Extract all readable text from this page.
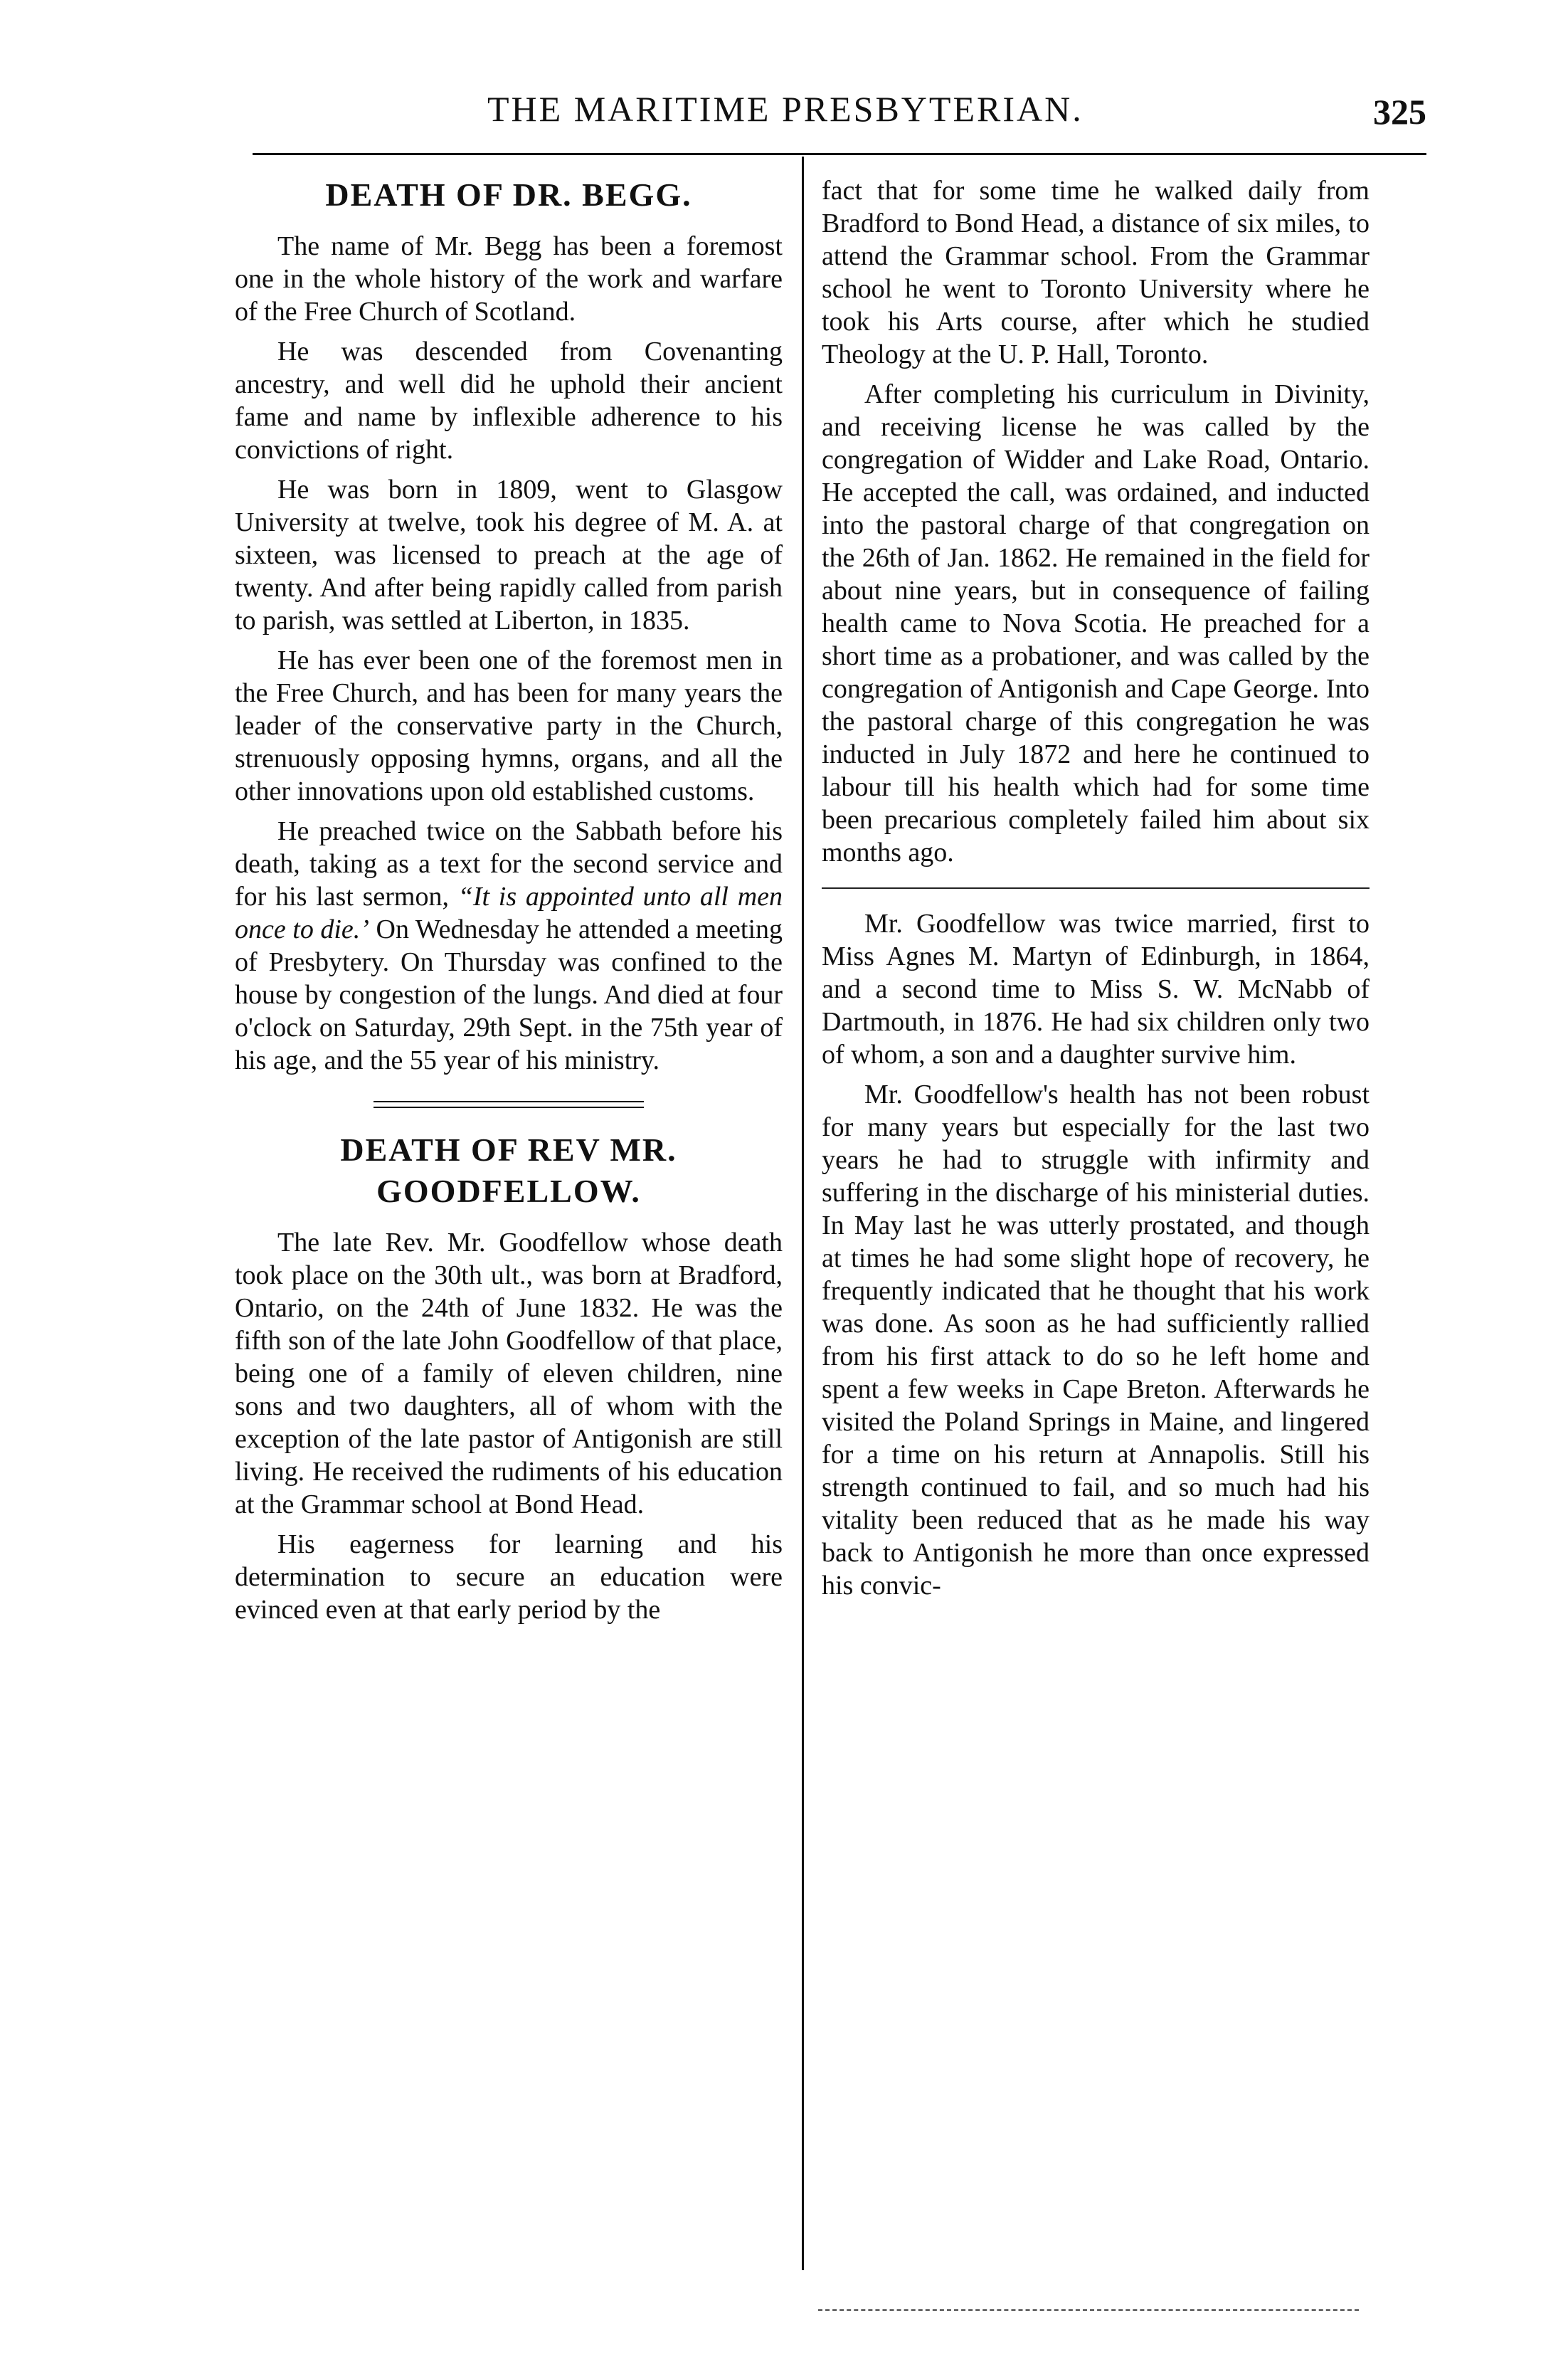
THE MARITIME PRESBYTERIAN.	325
DEATH OF DR. BEGG.

The name of Mr. Begg has been a foremost one in the whole history of the work and warfare of the Free Church of Scotland.

He was descended from Covenanting ancestry, and well did he uphold their ancient fame and name by inflexible adherence to his convictions of right.

He was born in 1809, went to Glasgow University at twelve, took his degree of M. A. at sixteen, was licensed to preach at the age of twenty. And after being rapidly called from parish to parish, was settled at Liberton, in 1835.

He has ever been one of the foremost men in the Free Church, and has been for many years the leader of the conservative party in the Church, strenuously opposing hymns, organs, and all the other innovations upon old established customs.

He preached twice on the Sabbath before his death, taking as a text for the second service and for his last sermon, “It is appointed unto all men once to die.’ On Wednesday he attended a meeting of Presbytery. On Thursday was confined to the house by congestion of the lungs. And died at four o'clock on Saturday, 29th Sept. in the 75th year of his age, and the 55 year of his ministry.

DEATH OF REV MR. GOODFELLOW.

The late Rev. Mr. Goodfellow whose death took place on the 30th ult., was born at Bradford, Ontario, on the 24th of June 1832. He was the fifth son of the late John Goodfellow of that place, being one of a family of eleven children, nine sons and two daughters, all of whom with the exception of the late pastor of Antigonish are still living. He received the rudiments of his education at the Grammar school at Bond Head.

His eagerness for learning and his determination to secure an education were evinced even at that early period by the

fact that for some time he walked daily from Bradford to Bond Head, a distance of six miles, to attend the Grammar school. From the Grammar school he went to Toronto University where he took his Arts course, after which he studied Theology at the U. P. Hall, Toronto.

After completing his curriculum in Divinity, and receiving license he was called by the congregation of Widder and Lake Road, Ontario. He accepted the call, was ordained, and inducted into the pastoral charge of that congregation on the 26th of Jan. 1862. He remained in the field for about nine years, but in consequence of failing health came to Nova Scotia. He preached for a short time as a probationer, and was called by the congregation of Antigonish and Cape George. Into the pastoral charge of this congregation he was inducted in July 1872 and here he continued to labour till his health which had for some time been precarious completely failed him about six months ago.

Mr. Goodfellow was twice married, first to Miss Agnes M. Martyn of Edinburgh, in 1864, and a second time to Miss S. W. McNabb of Dartmouth, in 1876. He had six children only two of whom, a son and a daughter survive him.

Mr. Goodfellow's health has not been robust for many years but especially for the last two years he had to struggle with infirmity and suffering in the discharge of his ministerial duties. In May last he was utterly prostated, and though at times he had some slight hope of recovery, he frequently indicated that he thought that his work was done. As soon as he had sufficiently rallied from his first attack to do so he left home and spent a few weeks in Cape Breton. Afterwards he visited the Poland Springs in Maine, and lingered for a time on his return at Annapolis. Still his strength continued to fail, and so much had his vitality been reduced that as he made his way back to Antigonish he more than once expressed his convic-
